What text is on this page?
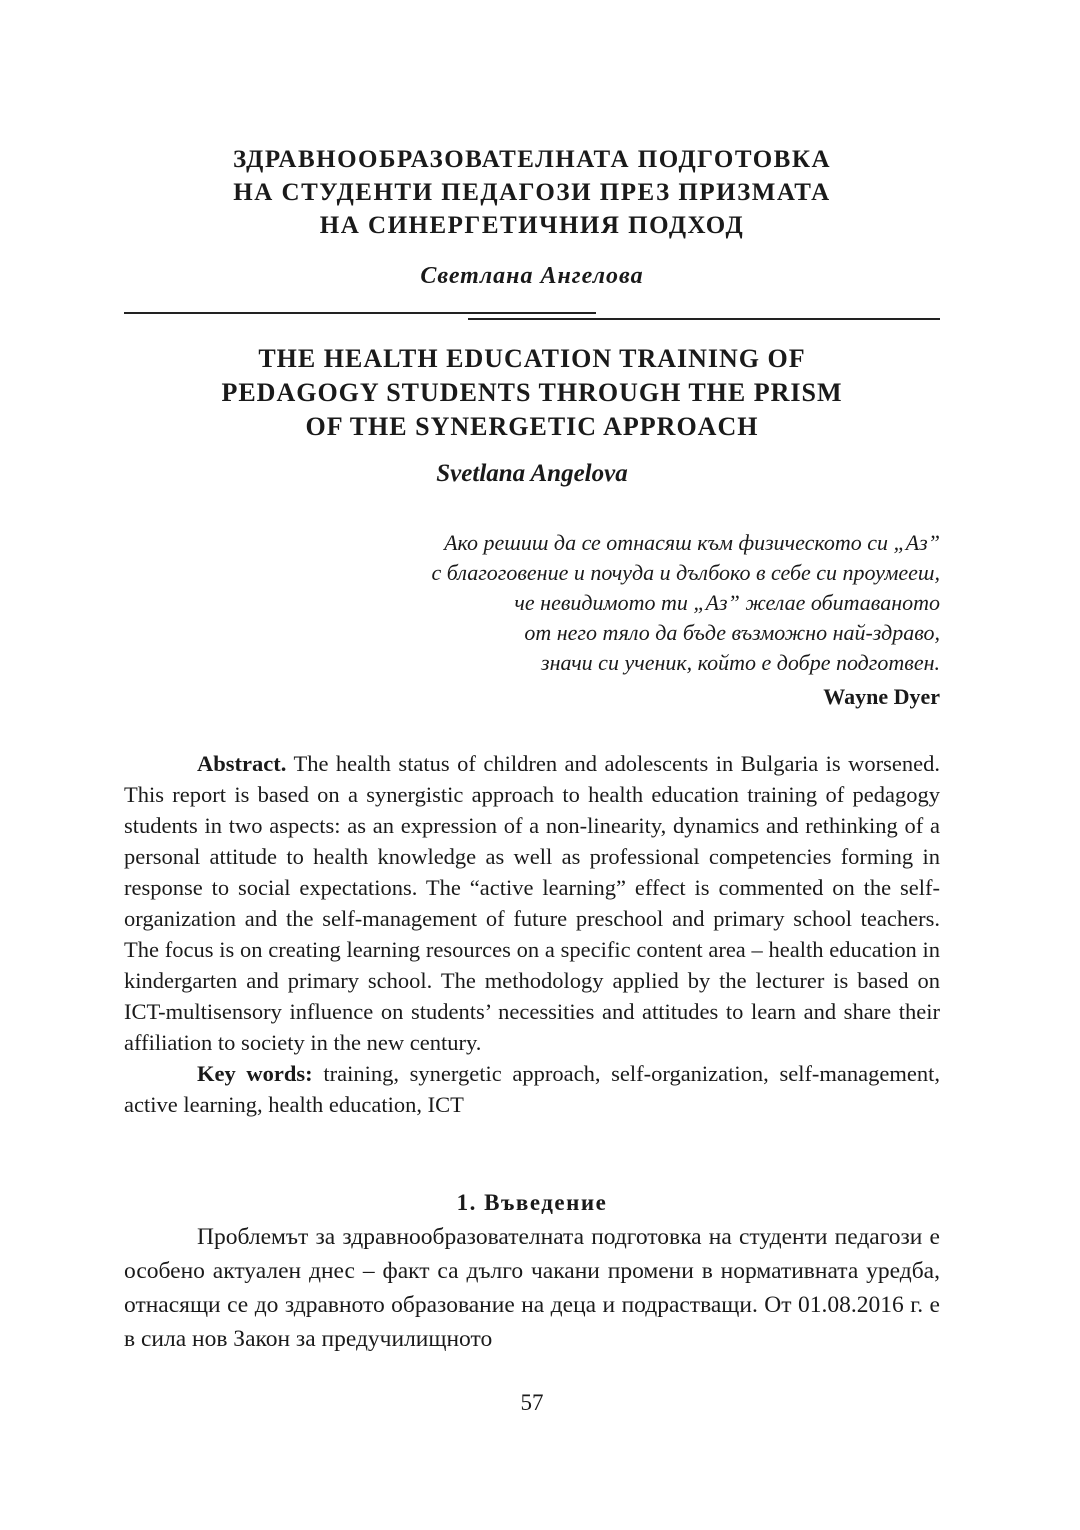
ЗДРАВНООБРАЗОВАТЕЛНАТА ПОДГОТОВКА
НА СТУДЕНТИ ПЕДАГОЗИ ПРЕЗ ПРИЗМАТА
НА СИНЕРГЕТИЧНИЯ ПОДХОД
Светлана Ангелова
THE HEALTH EDUCATION TRAINING OF
PEDAGOGY STUDENTS THROUGH THE PRISM
OF THE SYNERGETIC APPROACH
Svetlana Angelova
Ако решиш да се отнасяш към физическото си „Аз”
с благоговение и почуда и дълбоко в себе си проумееш,
че невидимото ти „Аз” желае обитаваното
от него тяло да бъде възможно най-здраво,
значи си ученик, който е добре подготвен.
Wayne Dyer

Abstract. The health status of children and adolescents in Bulgaria is worsened. This report is based on a synergistic approach to health education training of pedagogy students in two aspects: as an expression of a non-linearity, dynamics and rethinking of a personal attitude to health knowledge as well as professional competencies forming in response to social expectations. The “active learning” effect is commented on the self-organization and the self-management of future preschool and primary school teachers. The focus is on creating learning resources on a specific content area – health education in kindergarten and primary school. The methodology applied by the lecturer is based on ICT-multisensory influence on students’ necessities and attitudes to learn and share their affiliation to society in the new century.

Key words: training, synergetic approach, self-organization, self-management, active learning, health education, ICT

1. Въведение

Проблемът за здравнообразователната подготовка на студенти педагози е особено актуален днес – факт са дълго чакани промени в нормативната уредба, отнасящи се до здравното образование на деца и подрастващи. От 01.08.2016 г. е в сила нов Закон за предучилищното

57
